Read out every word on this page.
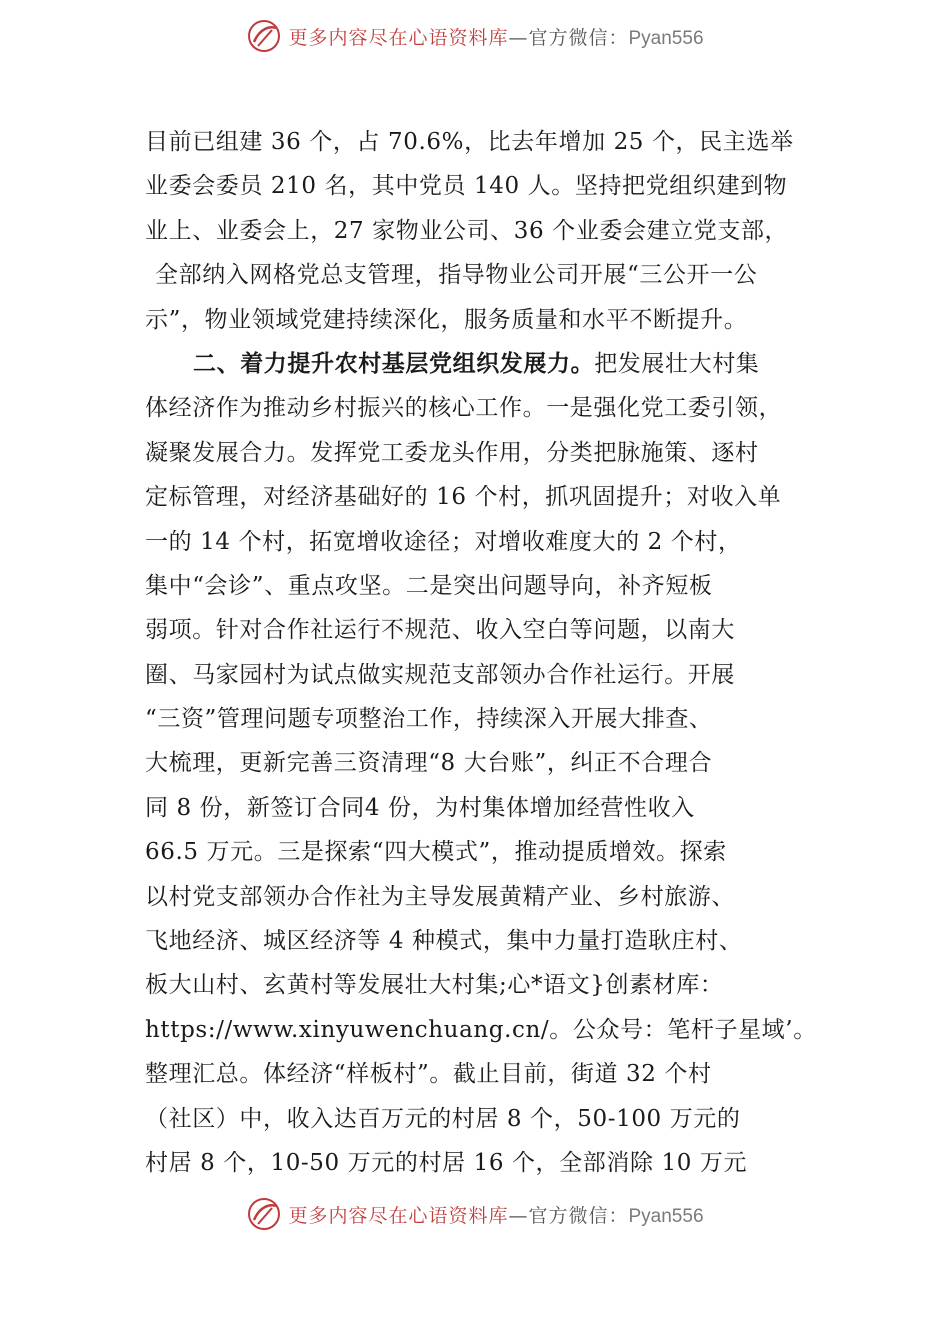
更多内容尽在心语资料库—官方微信：Pyan556
目前已组建 36 个，占 70.6%，比去年增加 25 个，民主选举
业委会委员 210 名，其中党员 140 人。坚持把党组织建到物
业上、业委会上，27 家物业公司、36 个业委会建立党支部，
全部纳入网格党总支管理，指导物业公司开展“三公开一公
示”，物业领域党建持续深化，服务质量和水平不断提升。
二、着力提升农村基层党组织发展力。把发展壮大村集
体经济作为推动乡村振兴的核心工作。一是强化党工委引领，
凝聚发展合力。发挥党工委龙头作用，分类把脉施策、逐村
定标管理，对经济基础好的 16 个村，抓巩固提升；对收入单
一的 14 个村，拓宽增收途径；对增收难度大的 2 个村，
集中“会诊”、重点攻坚。二是突出问题导向，补齐短板
弱项。针对合作社运行不规范、收入空白等问题，以南大
圈、马家园村为试点做实规范支部领办合作社运行。开展
“三资”管理问题专项整治工作，持续深入开展大排查、
大梳理，更新完善三资清理“8 大台账”，纠正不合理合
同 8 份，新签订合同4 份，为村集体增加经营性收入
66.5 万元。三是探索“四大模式”，推动提质增效。探索
以村党支部领办合作社为主导发展黄精产业、乡村旅游、
飞地经济、城区经济等 4 种模式，集中力量打造耿庄村、
板大山村、玄黄村等发展壮大村集;心*语文}创素材库：
https://www.xinyuwenchuang.cn/。公众号：笔杆子星域’。
整理汇总。体经济“样板村”。截止目前，街道 32 个村
（社区）中，收入达百万元的村居 8 个，50-100 万元的
村居 8 个，10-50 万元的村居 16 个，全部消除 10 万元
更多内容尽在心语资料库—官方微信：Pyan556
